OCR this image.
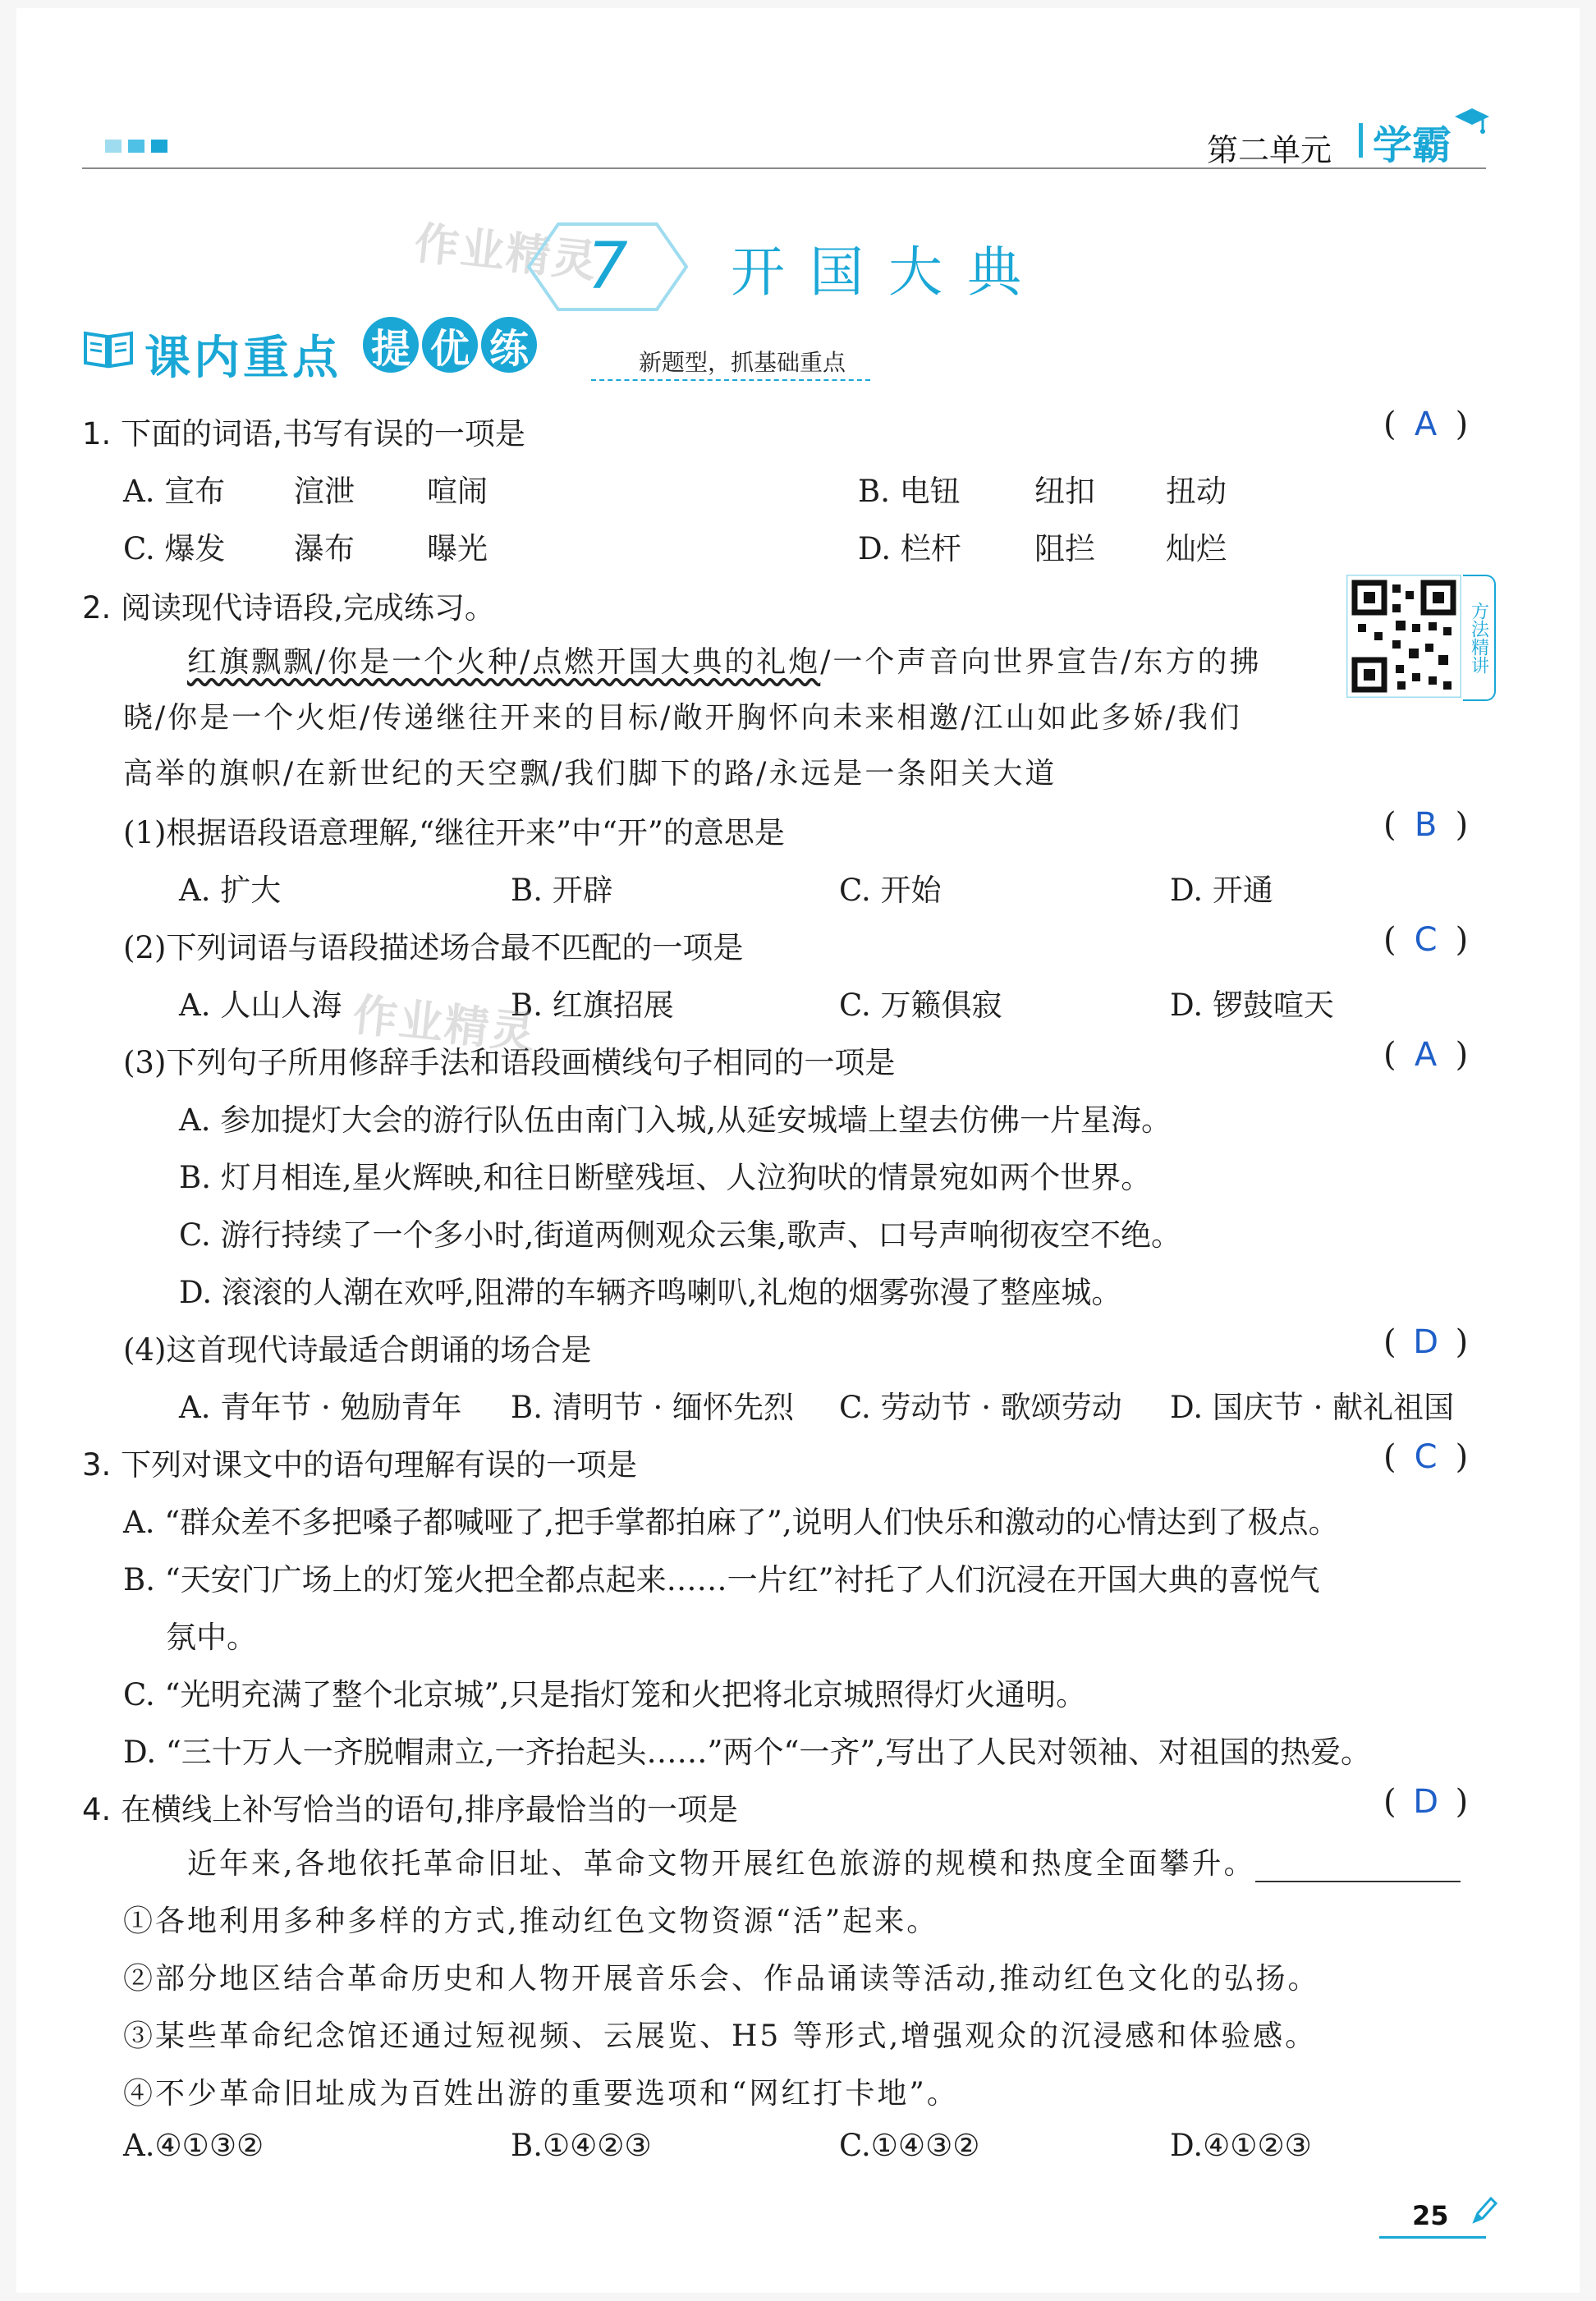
第二单元 学霸
作业精灵
7 开国大典
课内重点 提 优 练	新题型，抓基础重点
1. 下面的词语,书写有误的一项是	( A )
A. 宣布 渲泄 喧闹	B. 电钮 纽扣 扭动
C. 爆发 瀑布 曝光	D. 栏杆 阻拦 灿烂
2. 阅读现代诗语段,完成练习。	方法精讲
红旗飘飘/你是一个火种/点燃开国大典的礼炮/一个声音向世界宣告/东方的拂
晓/你是一个火炬/传递继往开来的目标/敞开胸怀向未来相邀/江山如此多娇/我们
高举的旗帜/在新世纪的天空飘/我们脚下的路/永远是一条阳关大道
(1)根据语段语意理解,“继往开来”中“开”的意思是	( B )
A. 扩大	B. 开辟	C. 开始	D. 开通
(2)下列词语与语段描述场合最不匹配的一项是	( C )
A. 人山人海	B. 红旗招展	C. 万籁俱寂	D. 锣鼓喧天
作业精灵
(3)下列句子所用修辞手法和语段画横线句子相同的一项是	( A )
A. 参加提灯大会的游行队伍由南门入城,从延安城墙上望去仿佛一片星海。
B. 灯月相连,星火辉映,和往日断壁残垣、人泣狗吠的情景宛如两个世界。
C. 游行持续了一个多小时,街道两侧观众云集,歌声、口号声响彻夜空不绝。
D. 滚滚的人潮在欢呼,阻滞的车辆齐鸣喇叭,礼炮的烟雾弥漫了整座城。
(4)这首现代诗最适合朗诵的场合是	( D )
A. 青年节 · 勉励青年 B. 清明节 · 缅怀先烈 C. 劳动节 · 歌颂劳动 D. 国庆节 · 献礼祖国
3. 下列对课文中的语句理解有误的一项是	( C )
A. “群众差不多把嗓子都喊哑了,把手掌都拍麻了”,说明人们快乐和激动的心情达到了极点。
B. “天安门广场上的灯笼火把全都点起来……一片红”衬托了人们沉浸在开国大典的喜悦气
氛中。
C. “光明充满了整个北京城”,只是指灯笼和火把将北京城照得灯火通明。
D. “三十万人一齐脱帽肃立,一齐抬起头……”两个“一齐”,写出了人民对领袖、对祖国的热爱。
4. 在横线上补写恰当的语句,排序最恰当的一项是	( D )
近年来,各地依托革命旧址、革命文物开展红色旅游的规模和热度全面攀升。
①各地利用多种多样的方式,推动红色文物资源“活”起来。
②部分地区结合革命历史和人物开展音乐会、作品诵读等活动,推动红色文化的弘扬。
③某些革命纪念馆还通过短视频、云展览、H5 等形式,增强观众的沉浸感和体验感。
④不少革命旧址成为百姓出游的重要选项和“网红打卡地”。
A.④①③②	B.①④②③	C.①④③②	D.④①②③
25
